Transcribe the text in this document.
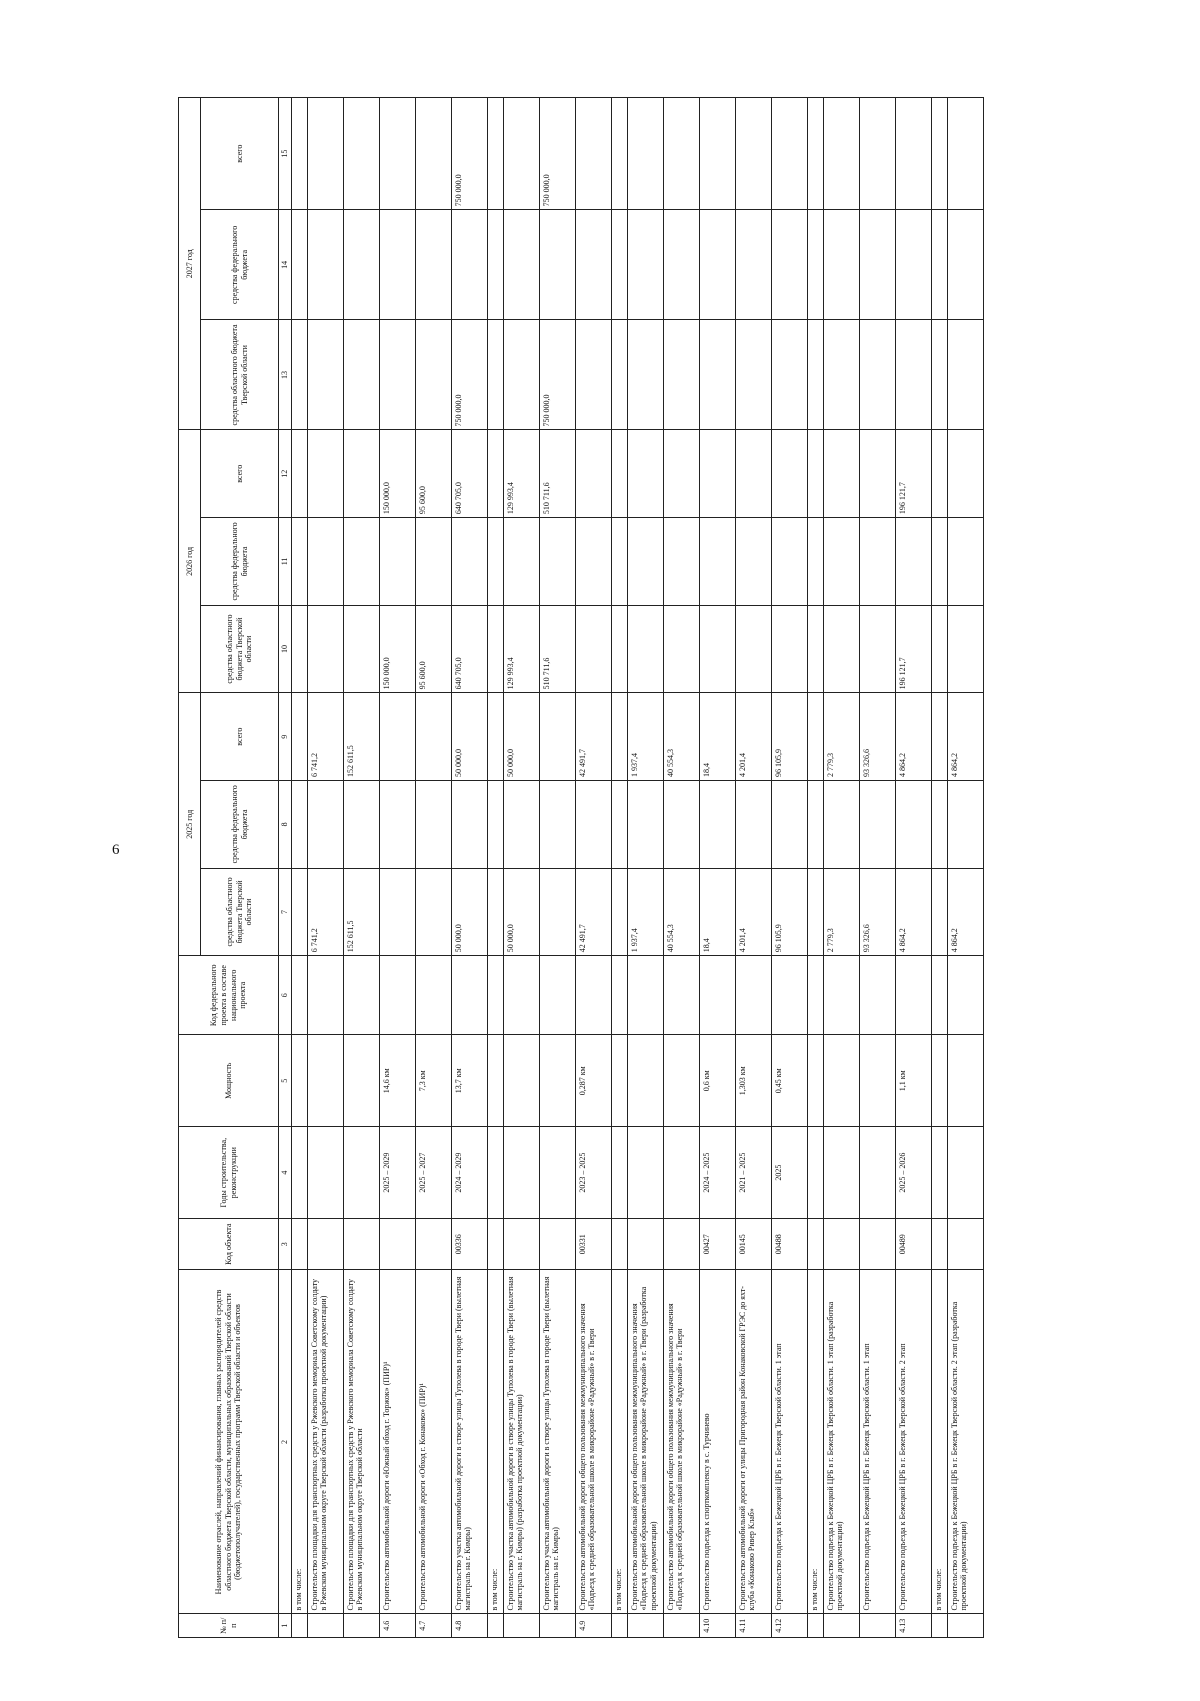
6
№ п/п	Наименование отраслей, направлений финансирования, главных распорядителей средств областного бюджета Тверской области, муниципальных образований Тверской области (бюджетополучателей), государственных программ Тверской области и объектов	Код объекта	Годы строительства, реконструкции	Мощность	Код федерального проекта в составе национального проекта	2025 год			2026 год			2027 год		
						средства областного бюджета Тверской области	средства федерального бюджета	всего	средства областного бюджета Тверской области	средства федерального бюджета	всего	средства областного бюджета Тверской области	средства федерального бюджета	всего
1	2	3	4	5	6	7	8	9	10	11	12	13	14	15
	в том числе:													
	Строительство площадки для транспортных средств у Ржевского мемориала Советскому солдату в Ржевском муниципальном округе Тверской области (разработка проектной документации)					6 741,2		6 741,2						
	Строительство площадки для транспортных средств у Ржевского мемориала Советскому солдату в Ржевском муниципальном округе Тверской области					152 611,5		152 611,5						
4.6	Строительство автомобильной дороги «Южный обход г. Торжок» (ПИР)¹		2025 – 2029	14,6 км					150 000,0		150 000,0			
4.7	Строительство автомобильной дороги «Обход г. Конаково» (ПИР)¹		2025 – 2027	7,3 км					95 600,0		95 600,0			
4.8	Строительство участка автомобильной дороги в створе улицы Туполева в городе Твери (вылетная магистраль на г. Кимры)	00336	2024 – 2029	13,7 км		50 000,0		50 000,0	640 705,0		640 705,0	750 000,0		750 000,0
	в том числе:													
	Строительство участка автомобильной дороги в створе улицы Туполева в городе Твери (вылетная магистраль на г. Кимры) (разработка проектной документации)					50 000,0		50 000,0	129 993,4		129 993,4			
	Строительство участка автомобильной дороги в створе улицы Туполева в городе Твери (вылетная магистраль на г. Кимры)								510 711,6		510 711,6	750 000,0		750 000,0
4.9	Строительство автомобильной дороги общего пользования межмуниципального значения «Подъезд к средней образовательной школе в микрорайоне «Радужный» в г. Твери	00331	2023 – 2025	0,287 км		42 491,7		42 491,7						
	в том числе:													
	Строительство автомобильной дороги общего пользования межмуниципального значения «Подъезд к средней образовательной школе в микрорайоне «Радужный» в г. Твери (разработка проектной документации)					1 937,4		1 937,4						
	Строительство автомобильной дороги общего пользования межмуниципального значения «Подъезд к средней образовательной школе в микрорайоне «Радужный» в г. Твери					40 554,3		40 554,3						
4.10	Строительство подъезда к спорткомплексу в с. Турчинево	00427	2024 – 2025	0,6 км		18,4		18,4						
4.11	Строительство автомобильной дороги от улицы Пригородная район Конаковской ГРЭС до яхт-клуба «Конаково Ривер Клаб»	00145	2021 – 2025	1,303 км		4 201,4		4 201,4						
4.12	Строительство подъезда к Бежецкой ЦРБ в г. Бежецк Тверской области. 1 этап	00488	2025	0,45 км		96 105,9		96 105,9						
	в том числе:													
	Строительство подъезда к Бежецкой ЦРБ в г. Бежецк Тверской области. 1 этап (разработка проектной документации)					2 779,3		2 779,3						
	Строительство подъезда к Бежецкой ЦРБ в г. Бежецк Тверской области. 1 этап					93 326,6		93 326,6						
4.13	Строительство подъезда к Бежецкой ЦРБ в г. Бежецк Тверской области. 2 этап	00489	2025 – 2026	1,1 км		4 864,2		4 864,2	196 121,7		196 121,7			
	в том числе:													
	Строительство подъезда к Бежецкой ЦРБ в г. Бежецк Тверской области. 2 этап (разработка проектной документации)					4 864,2		4 864,2						
